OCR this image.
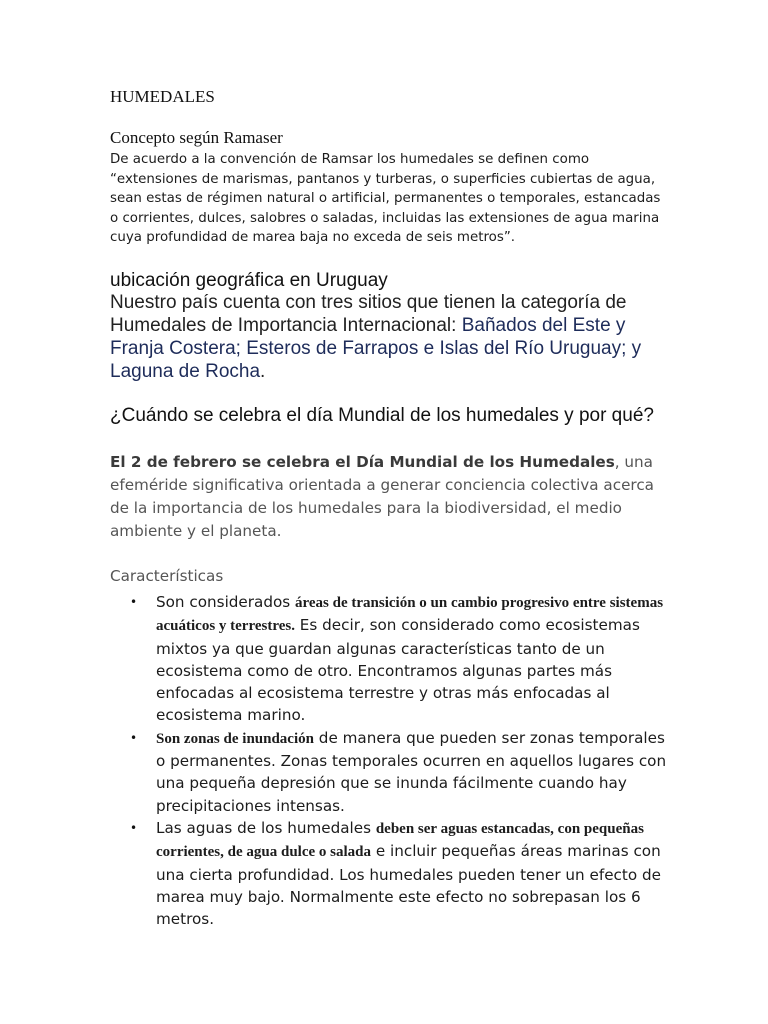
HUMEDALES
Concepto según Ramaser

De acuerdo a la convención de Ramsar los humedales se definen como “extensiones de marismas, pantanos y turberas, o superficies cubiertas de agua, sean estas de régimen natural o artificial, permanentes o temporales, estancadas o corrientes, dulces, salobres o saladas, incluidas las extensiones de agua marina cuya profundidad de marea baja no exceda de seis metros”.

ubicación geográfica en Uruguay

Nuestro país cuenta con tres sitios que tienen la categoría de Humedales de Importancia Internacional: Bañados del Este y Franja Costera; Esteros de Farrapos e Islas del Río Uruguay; y Laguna de Rocha.

¿Cuándo se celebra el día Mundial de los humedales y por qué?

El 2 de febrero se celebra el Día Mundial de los Humedales, una efeméride significativa orientada a generar conciencia colectiva acerca de la importancia de los humedales para la biodiversidad, el medio ambiente y el planeta.

Características
• Son considerados áreas de transición o un cambio progresivo entre sistemas acuáticos y terrestres. Es decir, son considerado como ecosistemas mixtos ya que guardan algunas características tanto de un ecosistema como de otro. Encontramos algunas partes más enfocadas al ecosistema terrestre y otras más enfocadas al ecosistema marino.
• Son zonas de inundación de manera que pueden ser zonas temporales o permanentes. Zonas temporales ocurren en aquellos lugares con una pequeña depresión que se inunda fácilmente cuando hay precipitaciones intensas.
• Las aguas de los humedales deben ser aguas estancadas, con pequeñas corrientes, de agua dulce o salada e incluir pequeñas áreas marinas con una cierta profundidad. Los humedales pueden tener un efecto de marea muy bajo. Normalmente este efecto no sobrepasan los 6 metros.
